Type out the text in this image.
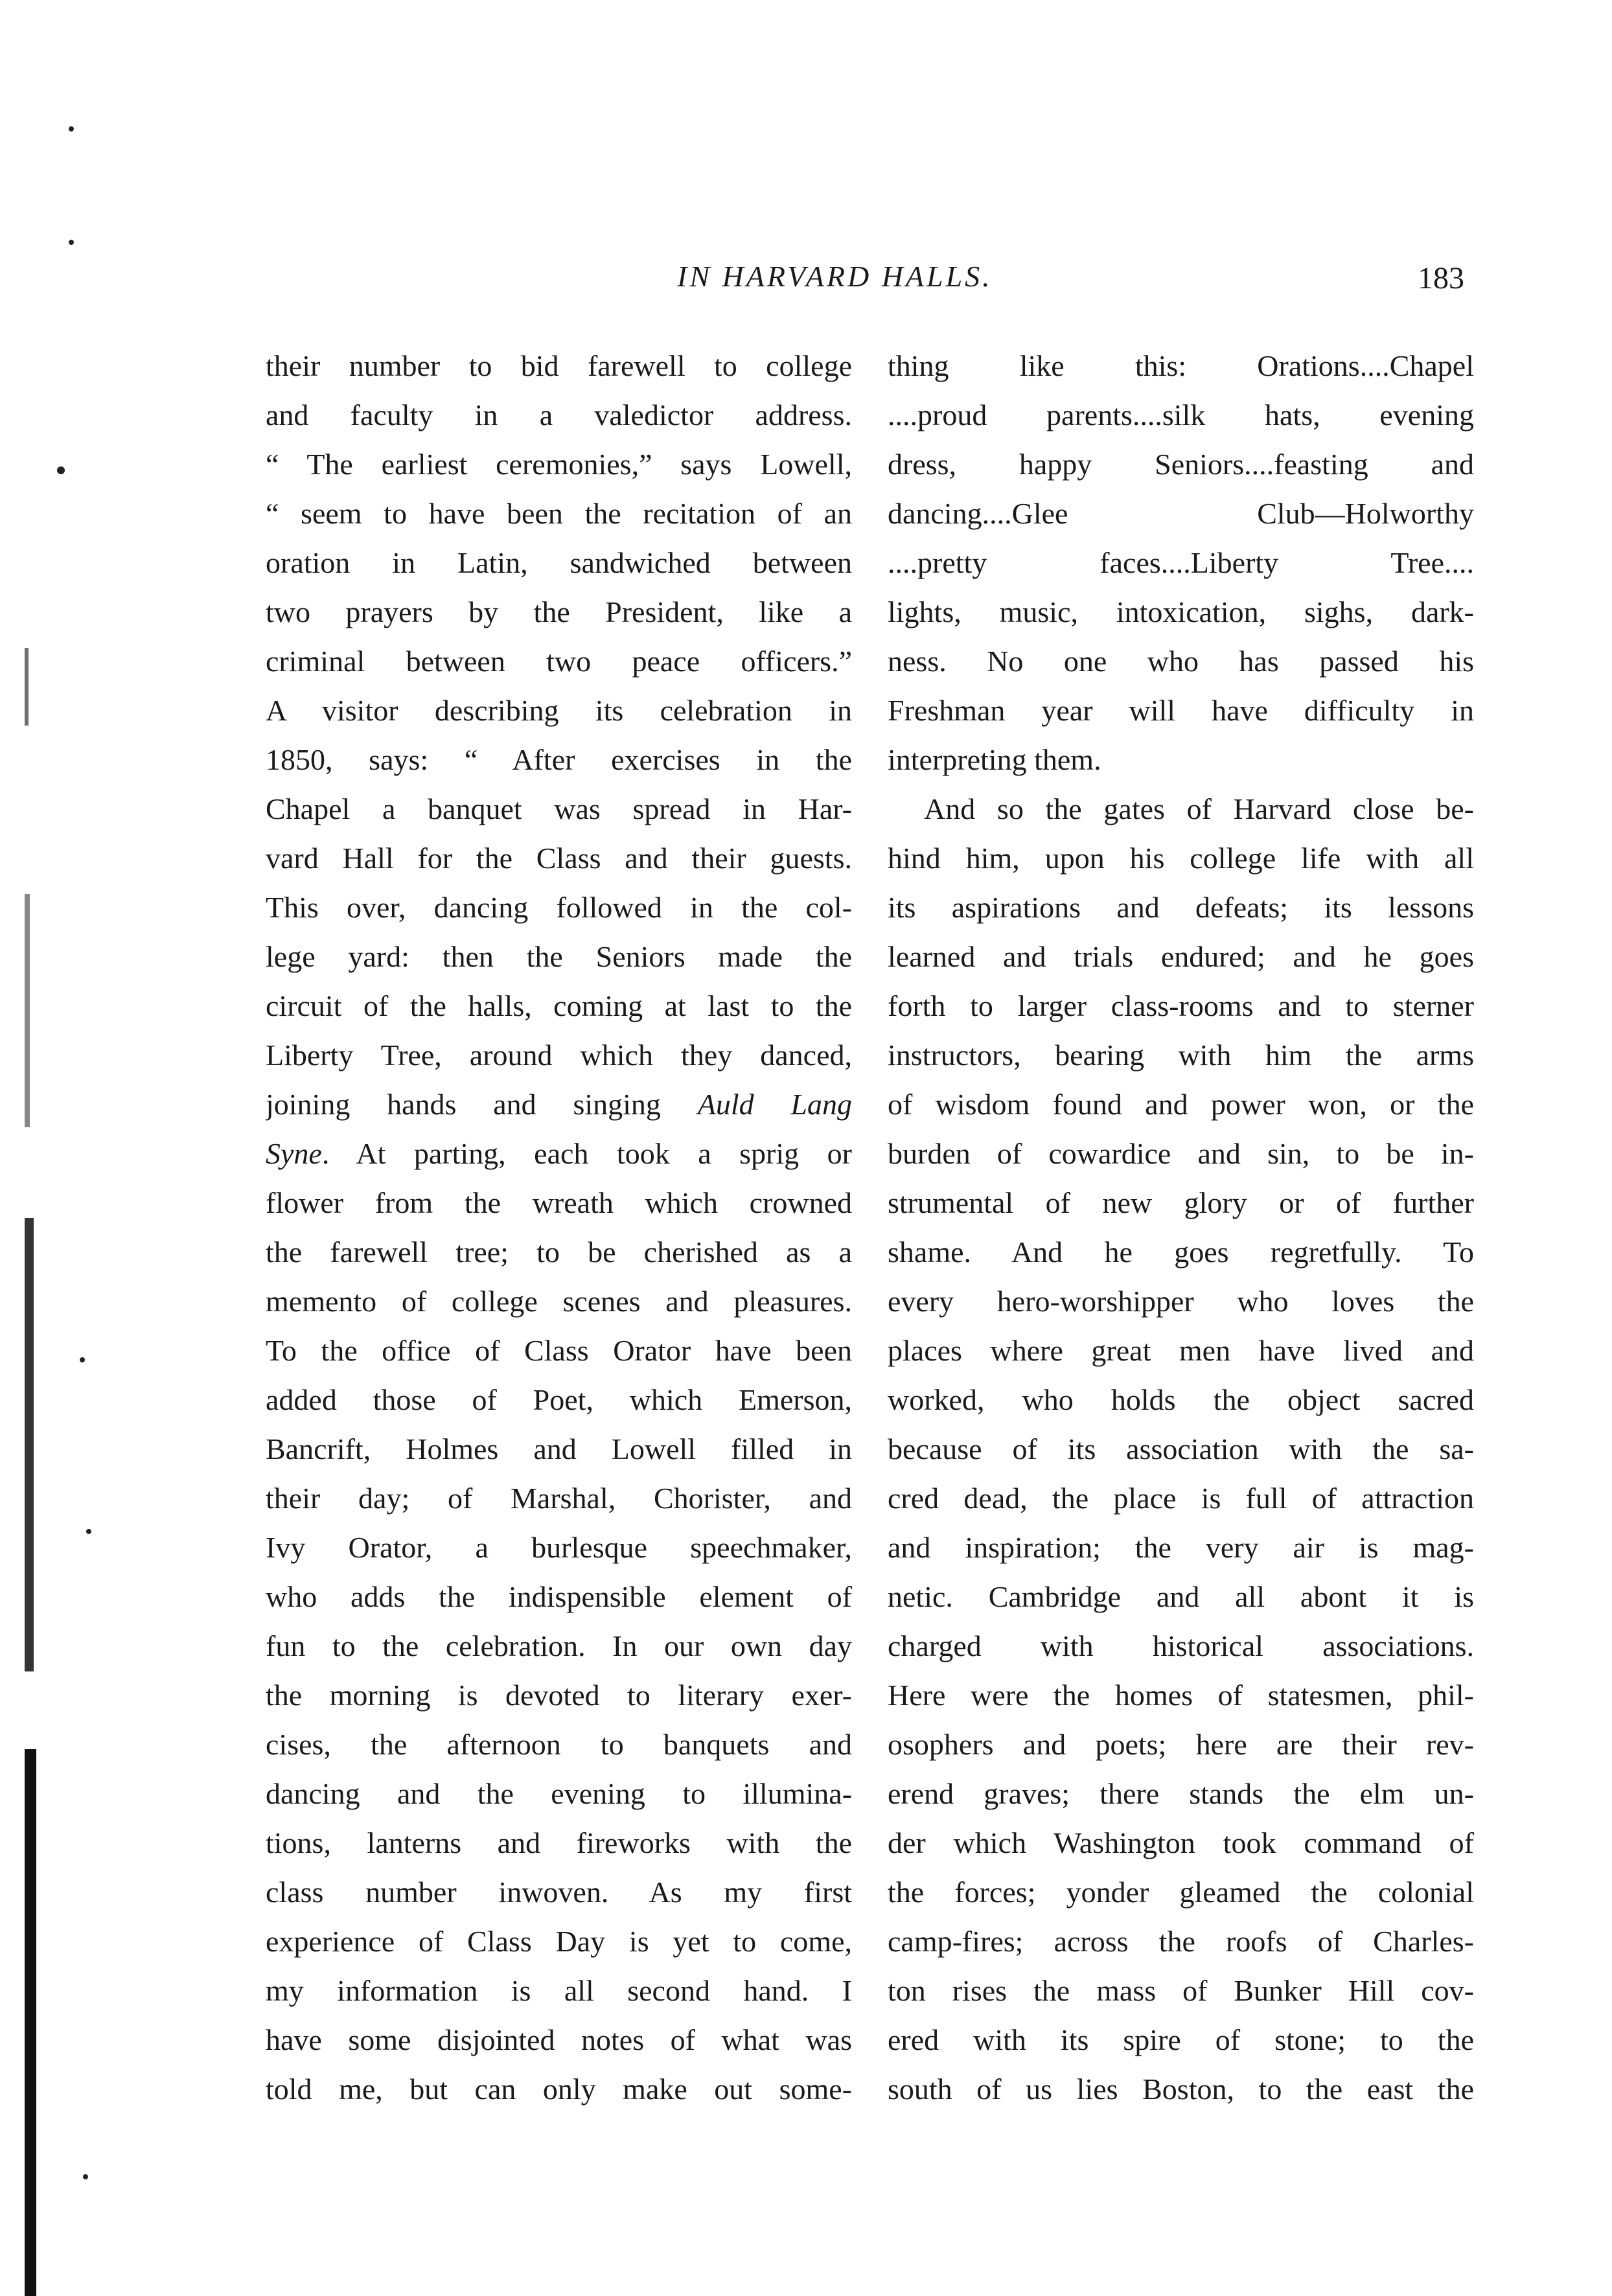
IN HARVARD HALLS.	183
their number to bid farewell to college
and faculty in a valedictor address.
“ The earliest ceremonies,” says Lowell,
“ seem to have been the recitation of an
oration in Latin, sandwiched between
two prayers by the President, like a
criminal between two peace officers.”
A visitor describing its celebration in
1850, says: “ After exercises in the
Chapel a banquet was spread in Har-
vard Hall for the Class and their guests.
This over, dancing followed in the col-
lege yard: then the Seniors made the
circuit of the halls, coming at last to the
Liberty Tree, around which they danced,
joining hands and singing Auld Lang
Syne. At parting, each took a sprig or
flower from the wreath which crowned
the farewell tree; to be cherished as a
memento of college scenes and pleasures.
To the office of Class Orator have been
added those of Poet, which Emerson,
Bancrift, Holmes and Lowell filled in
their day; of Marshal, Chorister, and
Ivy Orator, a burlesque speechmaker,
who adds the indispensible element of
fun to the celebration. In our own day
the morning is devoted to literary exer-
cises, the afternoon to banquets and
dancing and the evening to illumina-
tions, lanterns and fireworks with the
class number inwoven. As my first
experience of Class Day is yet to come,
my information is all second hand. I
have some disjointed notes of what was
told me, but can only make out some-
thing like this: Orations....Chapel
....proud parents....silk hats, evening
dress, happy Seniors....feasting and
dancing....Glee Club—Holworthy
....pretty faces....Liberty Tree....
lights, music, intoxication, sighs, dark-
ness. No one who has passed his
Freshman year will have difficulty in
interpreting them.
And so the gates of Harvard close be-
hind him, upon his college life with all
its aspirations and defeats; its lessons
learned and trials endured; and he goes
forth to larger class-rooms and to sterner
instructors, bearing with him the arms
of wisdom found and power won, or the
burden of cowardice and sin, to be in-
strumental of new glory or of further
shame. And he goes regretfully. To
every hero-worshipper who loves the
places where great men have lived and
worked, who holds the object sacred
because of its association with the sa-
cred dead, the place is full of attraction
and inspiration; the very air is mag-
netic. Cambridge and all abont it is
charged with historical associations.
Here were the homes of statesmen, phil-
osophers and poets; here are their rev-
erend graves; there stands the elm un-
der which Washington took command of
the forces; yonder gleamed the colonial
camp-fires; across the roofs of Charles-
ton rises the mass of Bunker Hill cov-
ered with its spire of stone; to the
south of us lies Boston, to the east the
